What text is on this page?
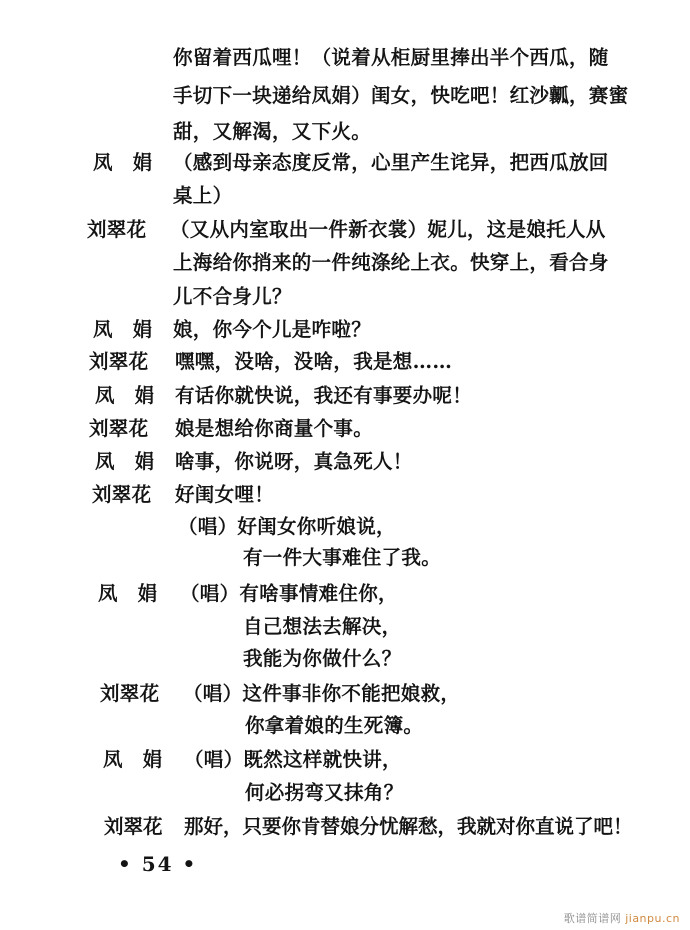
你留着西瓜哩！（说着从柜厨里捧出半个西瓜，随
手切下一块递给凤娟）闺女，快吃吧！红沙瓤，赛蜜
甜，又解渴，又下火。
凤　娟 （感到母亲态度反常，心里产生诧异，把西瓜放回
桌上）
刘翠花 （又从内室取出一件新衣裳）妮儿，这是娘托人从
上海给你捎来的一件纯涤纶上衣。快穿上，看合身
儿不合身儿？
凤　娟 娘，你今个儿是咋啦？
刘翠花 嘿嘿，没啥，没啥，我是想……
凤　娟 有话你就快说，我还有事要办呢！
刘翠花 娘是想给你商量个事。
凤　娟 啥事，你说呀，真急死人！
刘翠花 好闺女哩！
（唱）好闺女你听娘说，
有一件大事难住了我。
凤　娟 （唱）有啥事情难住你，
自己想法去解决，
我能为你做什么？
刘翠花 （唱）这件事非你不能把娘救，
你拿着娘的生死簿。
凤　娟 （唱）既然这样就快讲，
何必拐弯又抹角？
刘翠花 那好，只要你肯替娘分忧解愁，我就对你直说了吧！
• 54 •
歌谱简谱网 jianpu.cn
